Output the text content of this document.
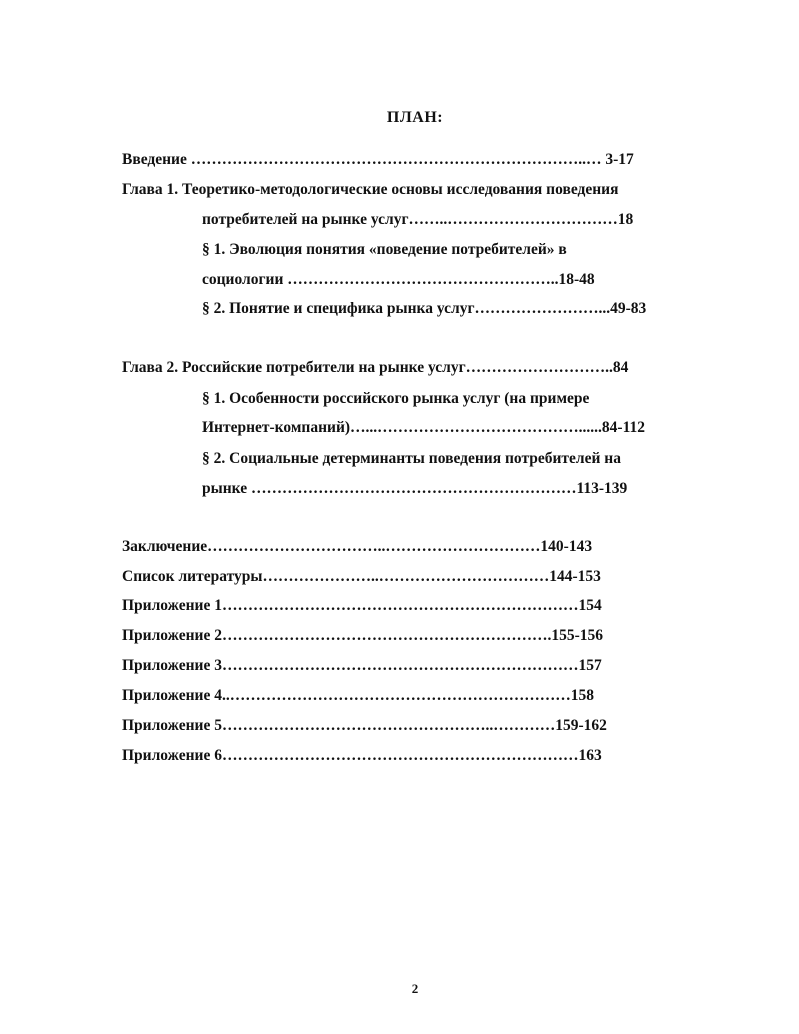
ПЛАН:
Введение …………………………………………………………………..… 3-17
Глава 1. Теоретико-методологические основы исследования поведения
потребителей на рынке услуг……..……………………………18
§ 1. Эволюция понятия «поведение потребителей» в
социологии ……………………………………………..18-48
§ 2. Понятие и специфика рынка услуг……………………...49-83
Глава 2. Российские потребители на рынке услуг………………………..84
§ 1. Особенности российского рынка услуг (на примере
Интернет-компаний)…...…………………………………......84-112
§ 2. Социальные детерминанты поведения потребителей на
рынке ………………………………………………………113-139
Заключение……………………………..…………………………140-143
Список литературы…………………..……………………………144-153
Приложение 1……………………………………………………………154
Приложение 2……………………………………………………….155-156
Приложение 3……………………………………………………………157
Приложение 4..…………………………………………………………158
Приложение 5……………………………………………..…………159-162
Приложение 6……………………………………………………………163
2
